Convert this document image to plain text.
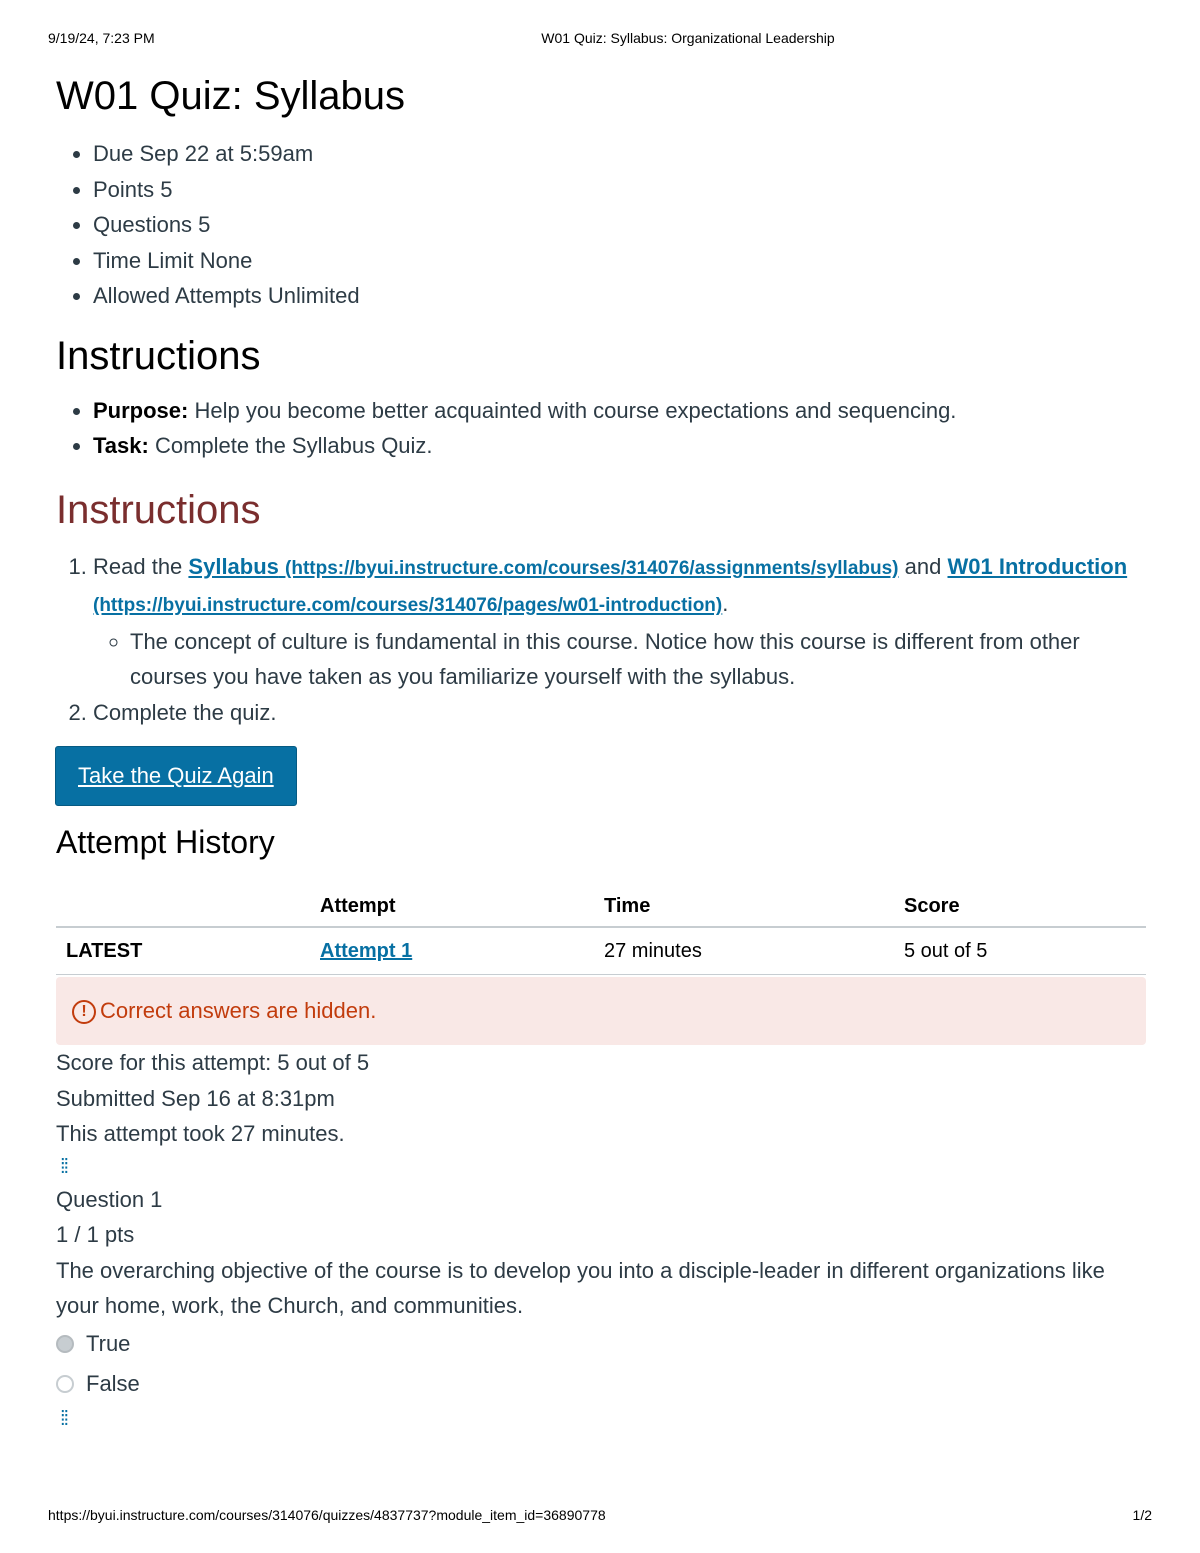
9/19/24, 7:23 PM	W01 Quiz: Syllabus: Organizational Leadership
W01 Quiz: Syllabus
• Due Sep 22 at 5:59am
• Points 5
• Questions 5
• Time Limit None
• Allowed Attempts Unlimited
Instructions
• Purpose: Help you become better acquainted with course expectations and sequencing.
• Task: Complete the Syllabus Quiz.
Instructions
1. Read the Syllabus (https://byui.instructure.com/courses/314076/assignments/syllabus) and W01 Introduction (https://byui.instructure.com/courses/314076/pages/w01-introduction).
◦ The concept of culture is fundamental in this course. Notice how this course is different from other courses you have taken as you familiarize yourself with the syllabus.
2. Complete the quiz.
Take the Quiz Again
Attempt History
	Attempt	Time	Score
LATEST	Attempt 1	27 minutes	5 out of 5
! Correct answers are hidden.
Score for this attempt: 5 out of 5
Submitted Sep 16 at 8:31pm
This attempt took 27 minutes.
⁞⁞
Question 1
1 / 1 pts
The overarching objective of the course is to develop you into a disciple-leader in different organizations like your home, work, the Church, and communities.
True
False
⁞⁞
https://byui.instructure.com/courses/314076/quizzes/4837737?module_item_id=36890778	1/2
